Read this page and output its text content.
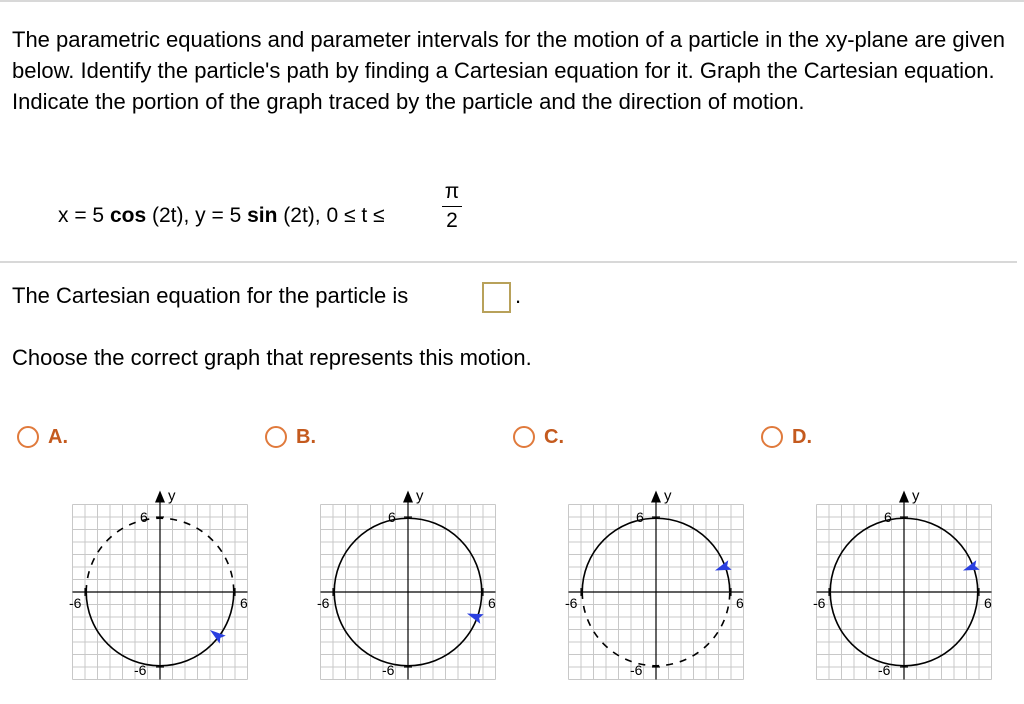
The parametric equations and parameter intervals for the motion of a particle in the xy-plane are given below. Identify the particle's path by finding a Cartesian equation for it. Graph the Cartesian equation. Indicate the portion of the graph traced by the particle and the direction of motion.
x = 5 cos (2t), y = 5 sin (2t), 0 ≤ t ≤
π
2
The Cartesian equation for the particle is	.
Choose the correct graph that represents this motion.
A.	B.	C.	D.
y
6
-6	6
-6
y
6
-6	6
-6
y
6
-6	6
-6
y
6
-6	6
-6
